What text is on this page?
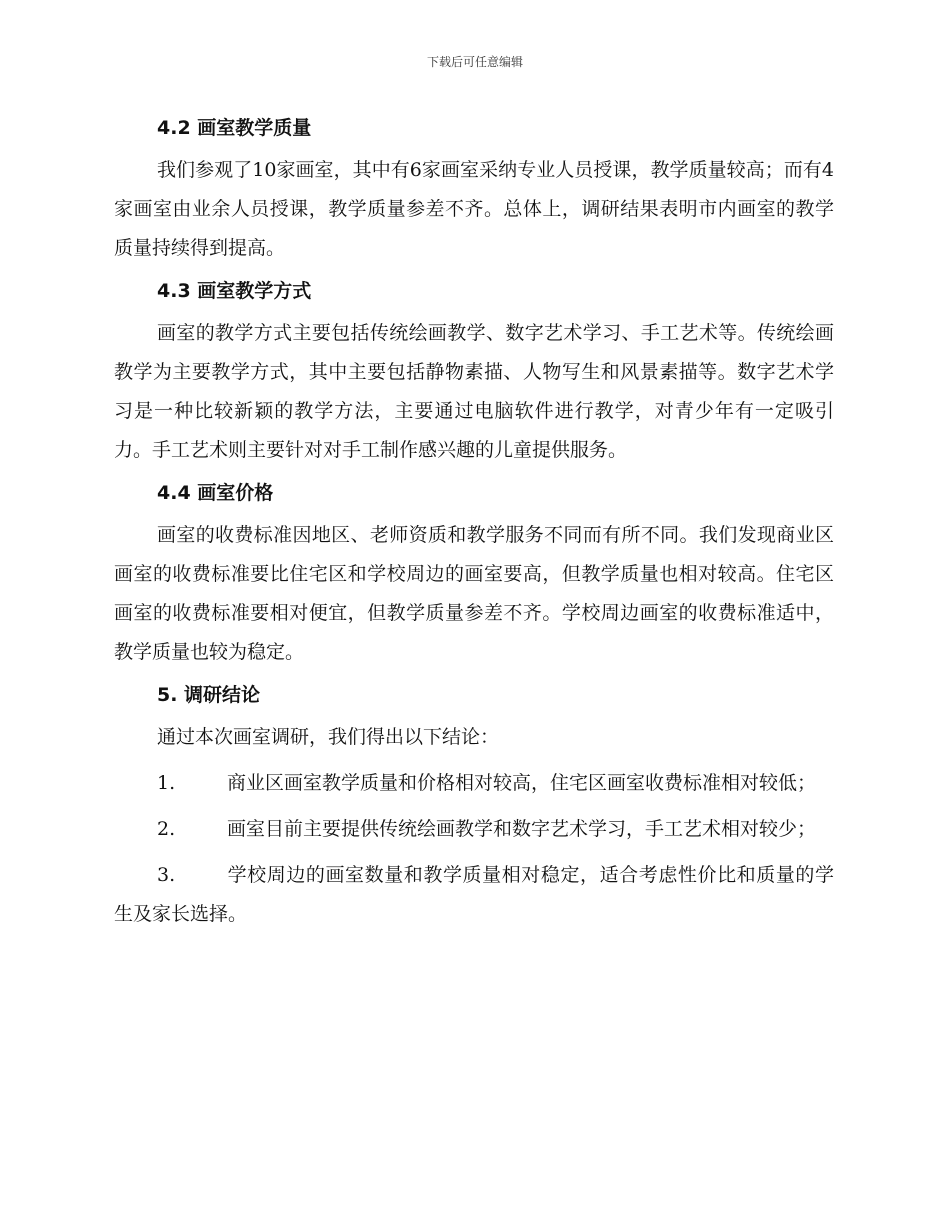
下载后可任意编辑
4.2 画室教学质量

我们参观了10家画室，其中有6家画室采纳专业人员授课，教学质量较高；而有4家画室由业余人员授课，教学质量参差不齐。总体上，调研结果表明市内画室的教学质量持续得到提高。

4.3 画室教学方式

画室的教学方式主要包括传统绘画教学、数字艺术学习、手工艺术等。传统绘画教学为主要教学方式，其中主要包括静物素描、人物写生和风景素描等。数字艺术学习是一种比较新颖的教学方法，主要通过电脑软件进行教学，对青少年有一定吸引力。手工艺术则主要针对对手工制作感兴趣的儿童提供服务。

4.4 画室价格

画室的收费标准因地区、老师资质和教学服务不同而有所不同。我们发现商业区画室的收费标准要比住宅区和学校周边的画室要高，但教学质量也相对较高。住宅区画室的收费标准要相对便宜，但教学质量参差不齐。学校周边画室的收费标准适中，教学质量也较为稳定。

5. 调研结论

通过本次画室调研，我们得出以下结论：

1.	商业区画室教学质量和价格相对较高，住宅区画室收费标准相对较低；
2.	画室目前主要提供传统绘画教学和数字艺术学习，手工艺术相对较少；
3.	学校周边的画室数量和教学质量相对稳定，适合考虑性价比和质量的学生及家长选择。
